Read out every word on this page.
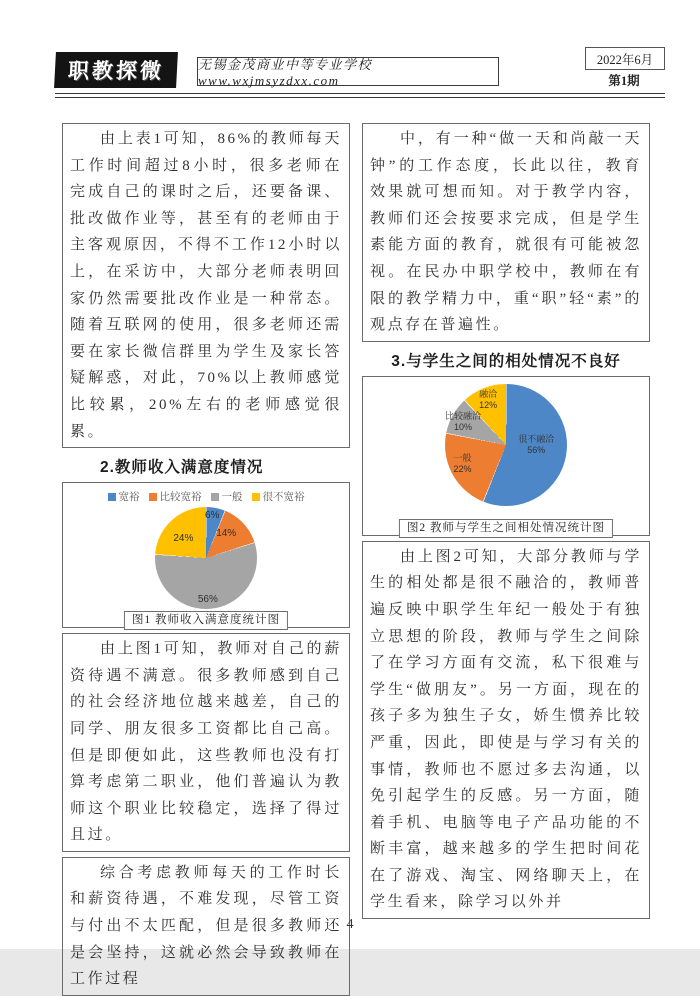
职教探微	无锡金茂商业中等专业学校 www.wxjmsyzdxx.com
2022年6月
第1期

由上表1可知，86%的教师每天工作时间超过8小时，很多老师在完成自己的课时之后，还要备课、批改做作业等，甚至有的老师由于主客观原因，不得不工作12小时以上，在采访中，大部分老师表明回家仍然需要批改作业是一种常态。随着互联网的使用，很多老师还需要在家长微信群里为学生及家长答疑解惑，对此，70%以上教师感觉比较累，20%左右的老师感觉很累。

2.教师收入满意度情况
宽裕 比较宽裕 一般 很不宽裕
6%
14%
56%
24%
图1 教师收入满意度统计图

由上图1可知，教师对自己的薪资待遇不满意。很多教师感到自己的社会经济地位越来越差，自己的同学、朋友很多工资都比自己高。但是即便如此，这些教师也没有打算考虑第二职业，他们普遍认为教师这个职业比较稳定，选择了得过且过。

综合考虑教师每天的工作时长和薪资待遇，不难发现，尽管工资与付出不太匹配，但是很多教师还是会坚持，这就必然会导致教师在工作过程

中，有一种“做一天和尚敲一天钟”的工作态度，长此以往，教育效果就可想而知。对于教学内容，教师们还会按要求完成，但是学生素能方面的教育，就很有可能被忽视。在民办中职学校中，教师在有限的教学精力中，重“职”轻“素”的观点存在普遍性。

3.与学生之间的相处情况不良好
很不融洽
56%
一般
22%
比较融洽
10%
融洽
12%
图2 教师与学生之间相处情况统计图

由上图2可知，大部分教师与学生的相处都是很不融洽的，教师普遍反映中职学生年纪一般处于有独立思想的阶段，教师与学生之间除了在学习方面有交流，私下很难与学生“做朋友”。另一方面，现在的孩子多为独生子女，娇生惯养比较严重，因此，即使是与学习有关的事情，教师也不愿过多去沟通，以免引起学生的反感。另一方面，随着手机、电脑等电子产品功能的不断丰富，越来越多的学生把时间花在了游戏、淘宝、网络聊天上，在学生看来，除学习以外并

4
